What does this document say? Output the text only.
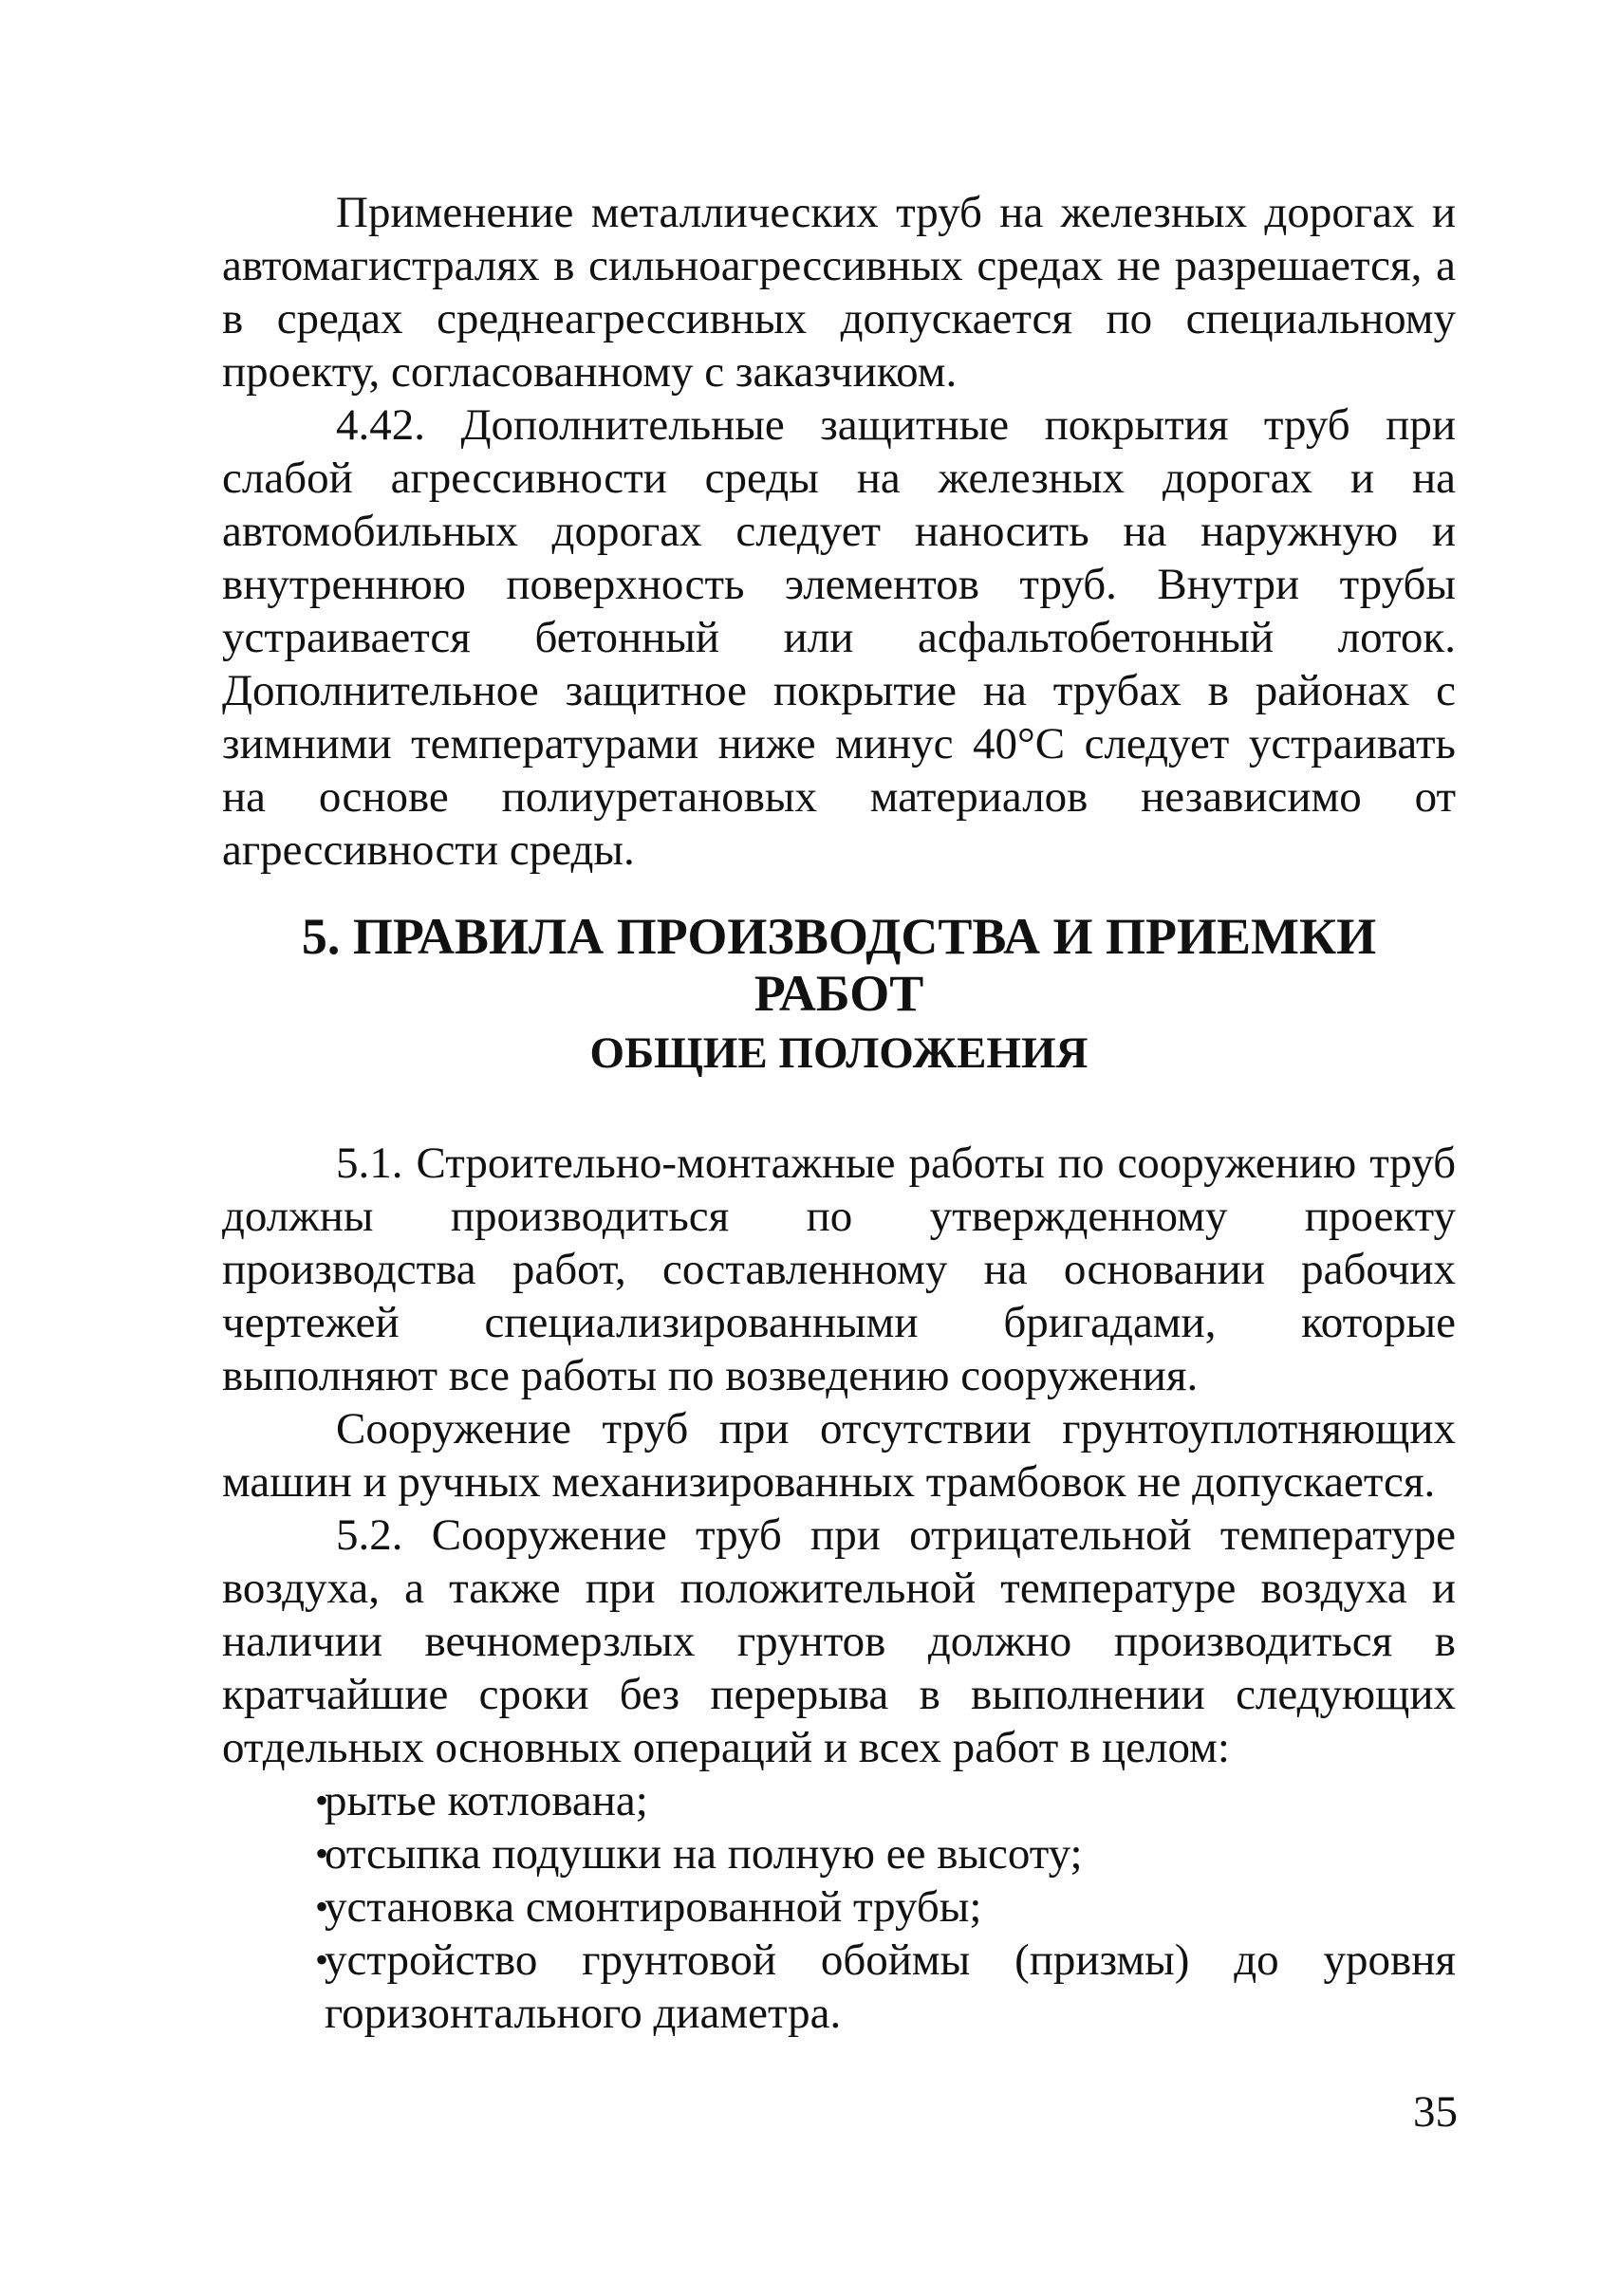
Применение металлических труб на железных дорогах и автомагистралях в сильноагрессивных средах не разрешается, а в средах среднеагрессивных допускается по специальному проекту, согласованному с заказчиком.

4.42. Дополнительные защитные покрытия труб при слабой агрессивности среды на железных дорогах и на автомобильных дорогах следует наносить на наружную и внутреннюю поверхность элементов труб. Внутри трубы устраивается бетонный или асфальтобетонный лоток. Дополнительное защитное покрытие на трубах в районах с зимними температурами ниже минус 40°C следует устраивать на основе полиуретановых материалов независимо от агрессивности среды.

5. ПРАВИЛА ПРОИЗВОДСТВА И ПРИЕМКИ РАБОТ
ОБЩИЕ ПОЛОЖЕНИЯ

5.1. Строительно-монтажные работы по сооружению труб должны производиться по утвержденному проекту производства работ, составленному на основании рабочих чертежей специализированными бригадами, которые выполняют все работы по возведению сооружения.

Сооружение труб при отсутствии грунтоуплотняющих машин и ручных механизированных трамбовок не допускается.

5.2. Сооружение труб при отрицательной температуре воздуха, а также при положительной температуре воздуха и наличии вечномерзлых грунтов должно производиться в кратчайшие сроки без перерыва в выполнении следующих отдельных основных операций и всех работ в целом:

•
рытье котлована;
•
отсыпка подушки на полную ее высоту;
•
установка смонтированной трубы;
•
устройство грунтовой обоймы (призмы) до уровня горизонтального диаметра.

35
